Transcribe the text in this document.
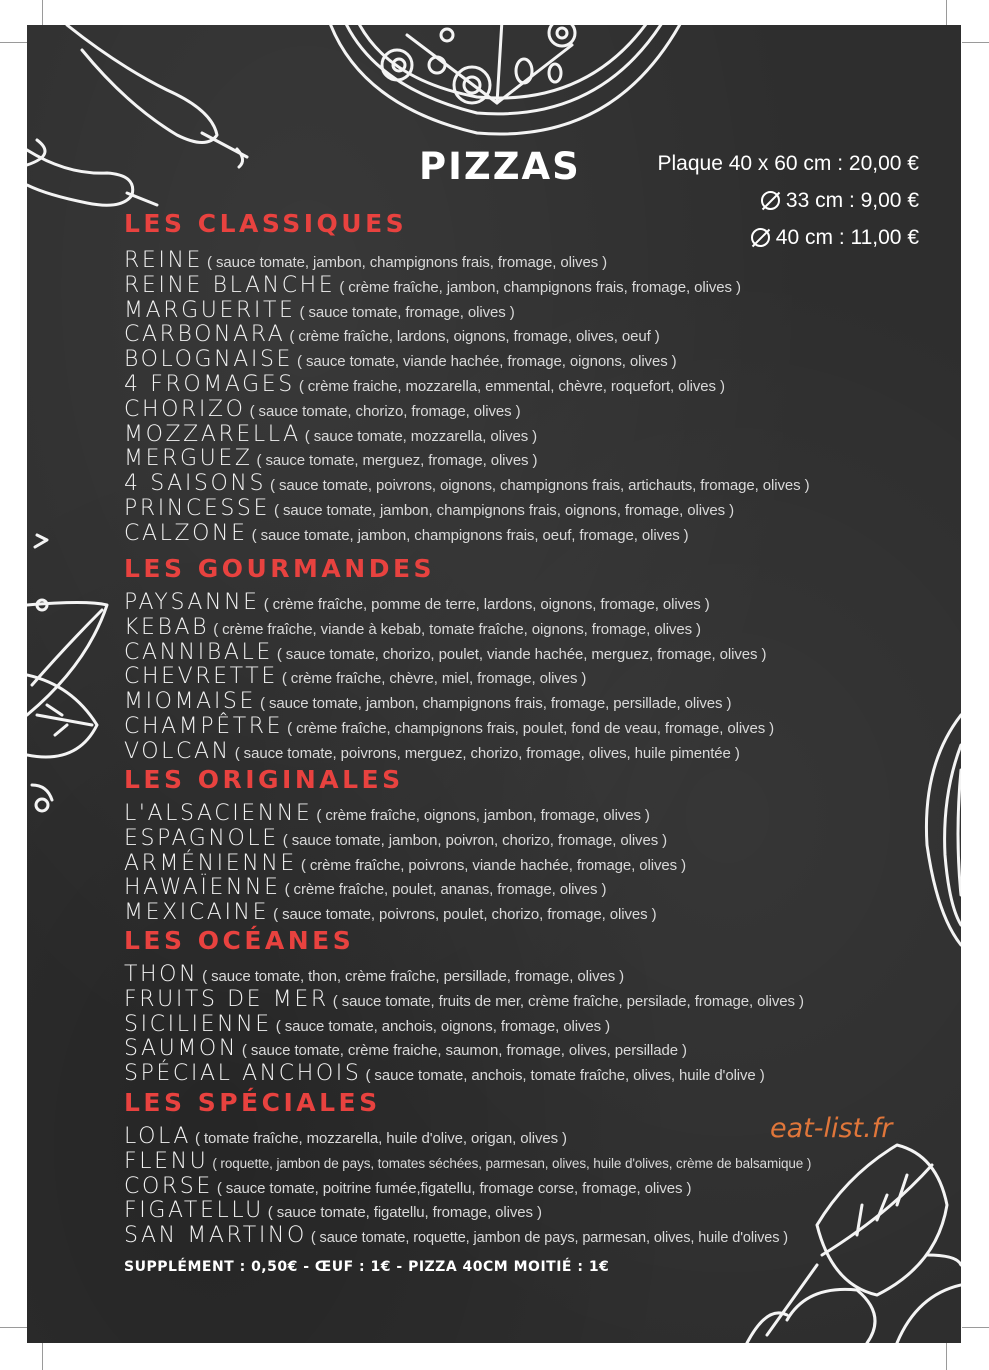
PIZZAS	Plaque 40 x 60 cm : 20,00 €
33 cm : 9,00 €
40 cm : 11,00 €
LES CLASSIQUES
REINE ( sauce tomate, jambon, champignons frais, fromage, olives )
REINE BLANCHE ( crème fraîche, jambon, champignons frais, fromage, olives )
MARGUERITE ( sauce tomate, fromage, olives )
CARBONARA ( crème fraîche, lardons, oignons, fromage, olives, oeuf )
BOLOGNAISE ( sauce tomate, viande hachée, fromage, oignons, olives )
4 FROMAGES ( crème fraiche, mozzarella, emmental, chèvre, roquefort, olives )
CHORIZO ( sauce tomate, chorizo, fromage, olives )
MOZZARELLA ( sauce tomate, mozzarella, olives )
MERGUEZ ( sauce tomate, merguez, fromage, olives )
4 SAISONS ( sauce tomate, poivrons, oignons, champignons frais, artichauts, fromage, olives )
PRINCESSE ( sauce tomate, jambon, champignons frais, oignons, fromage, olives )
CALZONE ( sauce tomate, jambon, champignons frais, oeuf, fromage, olives )
LES GOURMANDES
PAYSANNE ( crème fraîche, pomme de terre, lardons, oignons, fromage, olives )
KEBAB ( crème fraîche, viande à kebab, tomate fraîche, oignons, fromage, olives )
CANNIBALE ( sauce tomate, chorizo, poulet, viande hachée, merguez, fromage, olives )
CHEVRETTE ( crème fraîche, chèvre, miel, fromage, olives )
MIOMAISE ( sauce tomate, jambon, champignons frais, fromage, persillade, olives )
CHAMPÊTRE ( crème fraîche, champignons frais, poulet, fond de veau, fromage, olives )
VOLCAN ( sauce tomate, poivrons, merguez, chorizo, fromage, olives, huile pimentée )
LES ORIGINALES
L'ALSACIENNE ( crème fraîche, oignons, jambon, fromage, olives )
ESPAGNOLE ( sauce tomate, jambon, poivron, chorizo, fromage, olives )
ARMÉNIENNE ( crème fraîche, poivrons, viande hachée, fromage, olives )
HAWAÏENNE ( crème fraîche, poulet, ananas, fromage, olives )
MEXICAINE ( sauce tomate, poivrons, poulet, chorizo, fromage, olives )
LES OCÉANES
THON ( sauce tomate, thon, crème fraîche, persillade, fromage, olives )
FRUITS DE MER ( sauce tomate, fruits de mer, crème fraîche, persilade, fromage, olives )
SICILIENNE ( sauce tomate, anchois, oignons, fromage, olives )
SAUMON ( sauce tomate, crème fraiche, saumon, fromage, olives, persillade )
SPÉCIAL ANCHOIS ( sauce tomate, anchois, tomate fraîche, olives, huile d'olive )
LES SPÉCIALES
LOLA ( tomate fraîche, mozzarella, huile d'olive, origan, olives )
FLENU ( roquette, jambon de pays, tomates séchées, parmesan, olives, huile d'olives, crème de balsamique )
CORSE ( sauce tomate, poitrine fumée,figatellu, fromage corse, fromage, olives )
FIGATELLU ( sauce tomate, figatellu, fromage, olives )
SAN MARTINO ( sauce tomate, roquette, jambon de pays, parmesan, olives, huile d'olives )
eat-list.fr
SUPPLÉMENT : 0,50€ - ŒUF : 1€ - PIZZA 40CM MOITIÉ : 1€
